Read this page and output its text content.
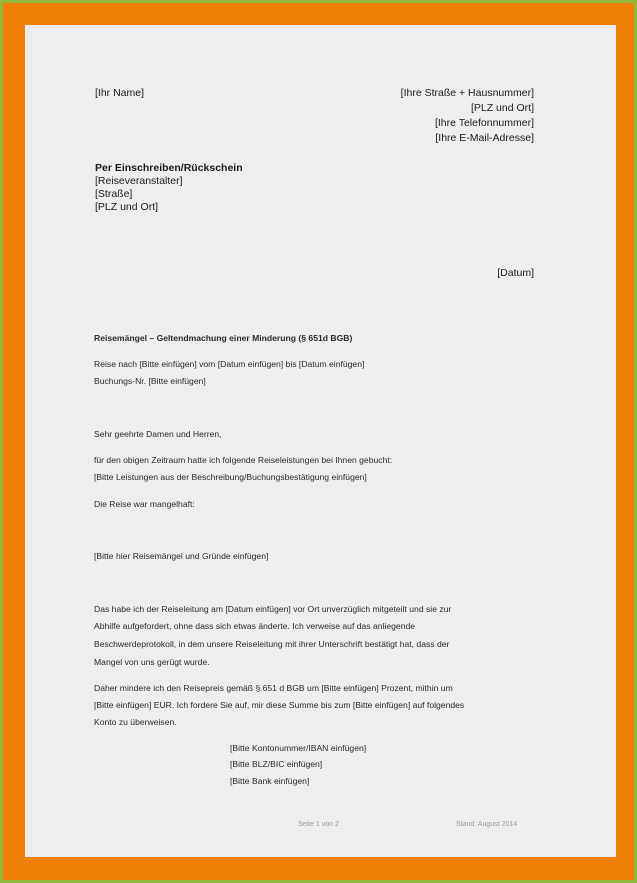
[Ihr Name]	[Ihre Straße + Hausnummer]
[PLZ und Ort]
[Ihre Telefonnummer]
[Ihre E-Mail-Adresse]
Per Einschreiben/Rückschein
[Reiseveranstalter]
[Straße]
[PLZ und Ort]
[Datum]
Reisemängel – Geltendmachung einer Minderung (§ 651d BGB)
Reise nach [Bitte einfügen] vom [Datum einfügen] bis [Datum einfügen]
Buchungs-Nr. [Bitte einfügen]
Sehr geehrte Damen und Herren,
für den obigen Zeitraum hatte ich folgende Reiseleistungen bei Ihnen gebucht:
[Bitte Leistungen aus der Beschreibung/Buchungsbestätigung einfügen]
Die Reise war mangelhaft:
[Bitte hier Reisemängel und Gründe einfügen]
Das habe ich der Reiseleitung am [Datum einfügen] vor Ort unverzüglich mitgeteilt und sie zur
Abhilfe aufgefordert, ohne dass sich etwas änderte. Ich verweise auf das anliegende
Beschwerdeprotokoll, in dem unsere Reiseleitung mit ihrer Unterschrift bestätigt hat, dass der
Mangel von uns gerügt wurde.
Daher mindere ich den Reisepreis gemäß § 651 d BGB um [Bitte einfügen] Prozent, mithin um
[Bitte einfügen] EUR. Ich fordere Sie auf, mir diese Summe bis zum [Bitte einfügen] auf folgendes
Konto zu überweisen.
[Bitte Kontonummer/IBAN einfügen]
[Bitte BLZ/BIC einfügen]
[Bitte Bank einfügen]
Seite 1 von 2	Stand: August 2014
